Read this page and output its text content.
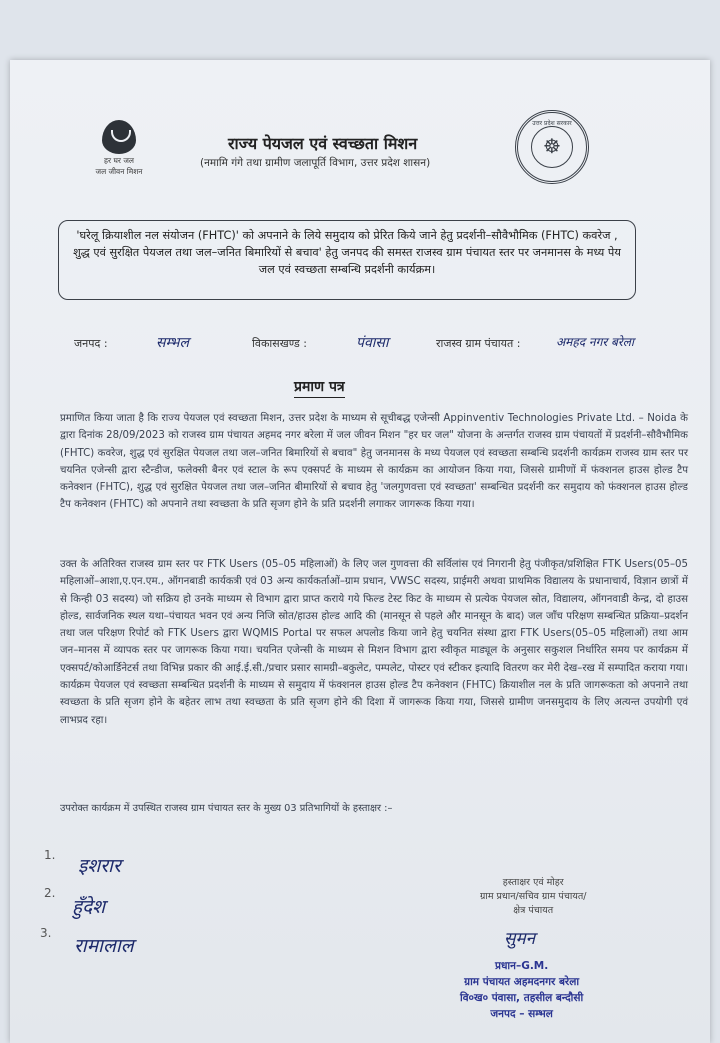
हर घर जल
जल जीवन मिशन
राज्य पेयजल एवं स्वच्छता मिशन
(नमामि गंगे तथा ग्रामीण जलापूर्ति विभाग, उत्तर प्रदेश शासन)
उत्तर प्रदेश सरकार
☸
'घरेलू क्रियाशील नल संयोजन (FHTC)' को अपनाने के लिये समुदाय को प्रेरित किये जाने हेतु प्रदर्शनी–सौवैभौमिक (FHTC) कवरेज , शुद्ध एवं सुरक्षित पेयजल तथा जल–जनित बिमारियों से बचाव' हेतु जनपद की समस्त राजस्व ग्राम पंचायत स्तर पर जनमानस के मध्य पेय जल एवं स्वच्छता सम्बन्धि प्रदर्शनी कार्यक्रम।
जनपद :	सम्भल	विकासखण्ड :	पंवासा	राजस्व ग्राम पंचायत :	अमहद नगर बरेला
प्रमाण पत्र
प्रमाणित किया जाता है कि राज्य पेयजल एवं स्वच्छता मिशन, उत्तर प्रदेश के माध्यम से सूचीबद्ध एजेन्सी Appinventiv Technologies Private Ltd. – Noida के द्वारा दिनांक 28/09/2023 को राजस्व ग्राम पंचायत अहमद नगर बरेला में जल जीवन मिशन "हर घर जल" योजना के अन्तर्गत राजस्व ग्राम पंचायतों में प्रदर्शनी–सौवैभौमिक (FHTC) कवरेज, शुद्ध एवं सुरक्षित पेयजल तथा जल–जनित बिमारियों से बचाव" हेतु जनमानस के मध्य पेयजल एवं स्वच्छता सम्बन्धि प्रदर्शनी कार्यक्रम राजस्व ग्राम स्तर पर चयनित एजेन्सी द्वारा स्टैन्डीज, फलेक्सी बैनर एवं स्टाल के रूप एक्सपर्ट के माध्यम से कार्यक्रम का आयोजन किया गया, जिससे ग्रामीणों में फंक्शनल हाउस होल्ड टैप कनेक्शन (FHTC), शुद्ध एवं सुरक्षित पेयजल तथा जल–जनित बीमारियों से बचाव हेतु 'जलगुणवत्ता एवं स्वच्छता' सम्बन्धित प्रदर्शनी कर समुदाय को फंक्शनल हाउस होल्ड टैप कनेक्शन (FHTC) को अपनाने तथा स्वच्छता के प्रति सृजग होने के प्रति प्रदर्शनी लगाकर जागरूक किया गया।
उक्त के अतिरिक्त राजस्व ग्राम स्तर पर FTK Users (05–05 महिलाओं) के लिए जल गुणवत्ता की सर्विलांस एवं निगरानी हेतु पंजीकृत/प्रशिक्षित FTK Users(05–05 महिलाओं–आशा,ए.एन.एम., ऑगनबाडी कार्यकत्री एवं 03 अन्य कार्यकर्ताओं–ग्राम प्रधान, VWSC सदस्य, प्राईमरी अथवा प्राथमिक विद्यालय के प्रधानाचार्य, विज्ञान छात्रों में से किन्ही 03 सदस्य) जो सक्रिय हो उनके माध्यम से विभाग द्वारा प्राप्त कराये गये फिल्ड टेस्ट किट के माध्यम से प्रत्येक पेयजल स्रोत, विद्यालय, ऑगनवाडी केन्द्र, दो हाउस होल्ड, सार्वजनिक स्थल यथा–पंचायत भवन एवं अन्य निजि स्रोत/हाउस होल्ड आदि की (मानसून से पहले और मानसून के बाद) जल जाँच परिक्षण सम्बन्धित प्रक्रिया–प्रदर्शन तथा जल परिक्षण रिपोर्ट को FTK Users द्वारा WQMIS Portal पर सफल अपलोड किया जाने हेतु चयनित संस्था द्वारा FTK Users(05–05 महिलाओं) तथा आम जन–मानस में व्यापक स्तर पर जागरूक किया गया। चयनित एजेन्सी के माध्यम से मिशन विभाग द्वारा स्वीकृत माड्यूल के अनुसार सकुशल निर्धारित समय पर कार्यक्रम में एक्सपर्ट/कोआर्डिनेटर्स तथा विभिन्न प्रकार की आई.ई.सी./प्रचार प्रसार सामग्री–बकुलेट, पम्पलेट, पोस्टर एवं स्टीकर इत्यादि वितरण कर मेरी देख–रख में सम्पादित कराया गया। कार्यक्रम पेयजल एवं स्वच्छता सम्बन्धित प्रदर्शनी के माध्यम से समुदाय में फंक्शनल हाउस होल्ड टैप कनेक्शन (FHTC) क्रियाशील नल के प्रति जागरूकता को अपनाने तथा स्वच्छता के प्रति सृजग होने के बहेतर लाभ तथा स्वच्छता के प्रति सृजग होने की दिशा में जागरूक किया गया, जिससे ग्रामीण जनसमुदाय के लिए अत्यन्त उपयोगी एवं लाभप्रद रहा।
उपरोक्त कार्यक्रम में उपस्थित राजस्व ग्राम पंचायत स्तर के मुख्य 03 प्रतिभागियों के हस्ताक्षर :–
1. इशरार
2.
हुँदेश
3.
रामालाल
हस्ताक्षर एवं मोहर
ग्राम प्रधान/सचिव ग्राम पंचायत/
क्षेत्र पंचायत
सुमन
प्रधान–G.M.
ग्राम पंचायत अहमदनगर बरेला
वि०ख० पंवासा, तहसील बन्दौसी
जनपद – सम्भल
